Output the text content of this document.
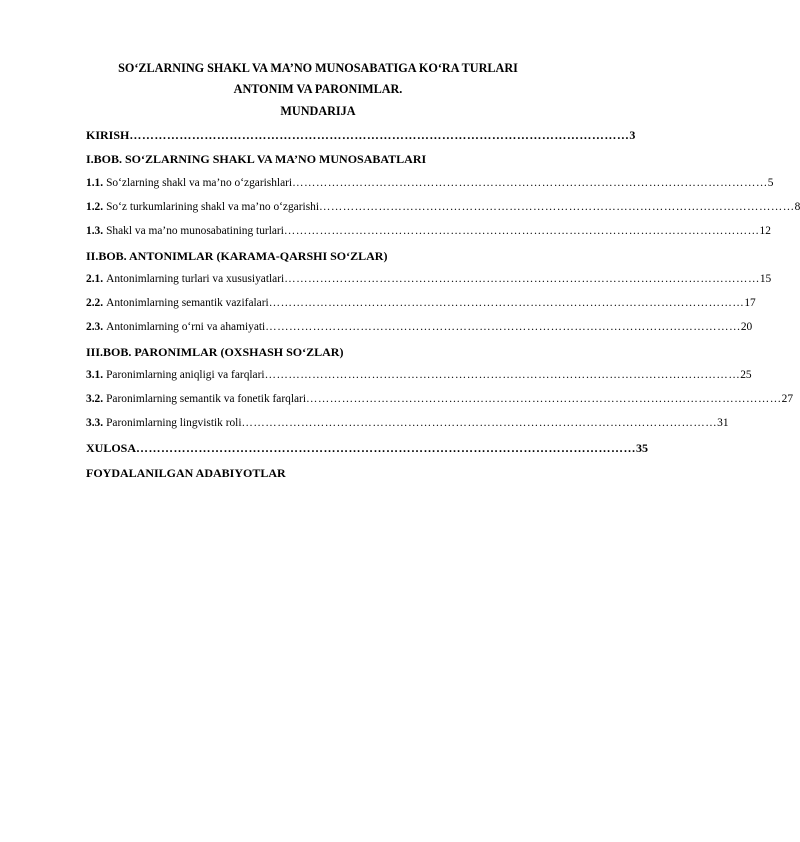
SO‘ZLARNING SHAKL VA MA’NO MUNOSABATIGA KO‘RA TURLARI
ANTONIM VA PARONIMLAR.
MUNDARIJA
KIRISH ………………………………………………………………………………………………………… 3
I.BOB. SO‘ZLARNING SHAKL VA MA’NO MUNOSABATLARI
1.1. So‘zlarning shakl va ma’no o‘zgarishlari ………………………………………………………………………………………………………… 5
1.2. So‘z turkumlarining shakl va ma’no o‘zgarishi ………………………………………………………………………………………………………… 8
1.3. Shakl va ma’no munosabatining turlari ………………………………………………………………………………………………………… 12
II.BOB. ANTONIMLAR (KARAMA-QARSHI SO‘ZLAR)
2.1. Antonimlarning turlari va xususiyatlari ………………………………………………………………………………………………………… 15
2.2. Antonimlarning semantik vazifalari ………………………………………………………………………………………………………… 17
2.3. Antonimlarning o‘rni va ahamiyati ………………………………………………………………………………………………………… 20
III.BOB. PARONIMLAR (OXSHASH SO‘ZLAR)
3.1. Paronimlarning aniqligi va farqlari ………………………………………………………………………………………………………… 25
3.2. Paronimlarning semantik va fonetik farqlari ………………………………………………………………………………………………………… 27
3.3. Paronimlarning lingvistik roli ………………………………………………………………………………………………………… 31
XULOSA ………………………………………………………………………………………………………… 35
FOYDALANILGAN ADABIYOTLAR
